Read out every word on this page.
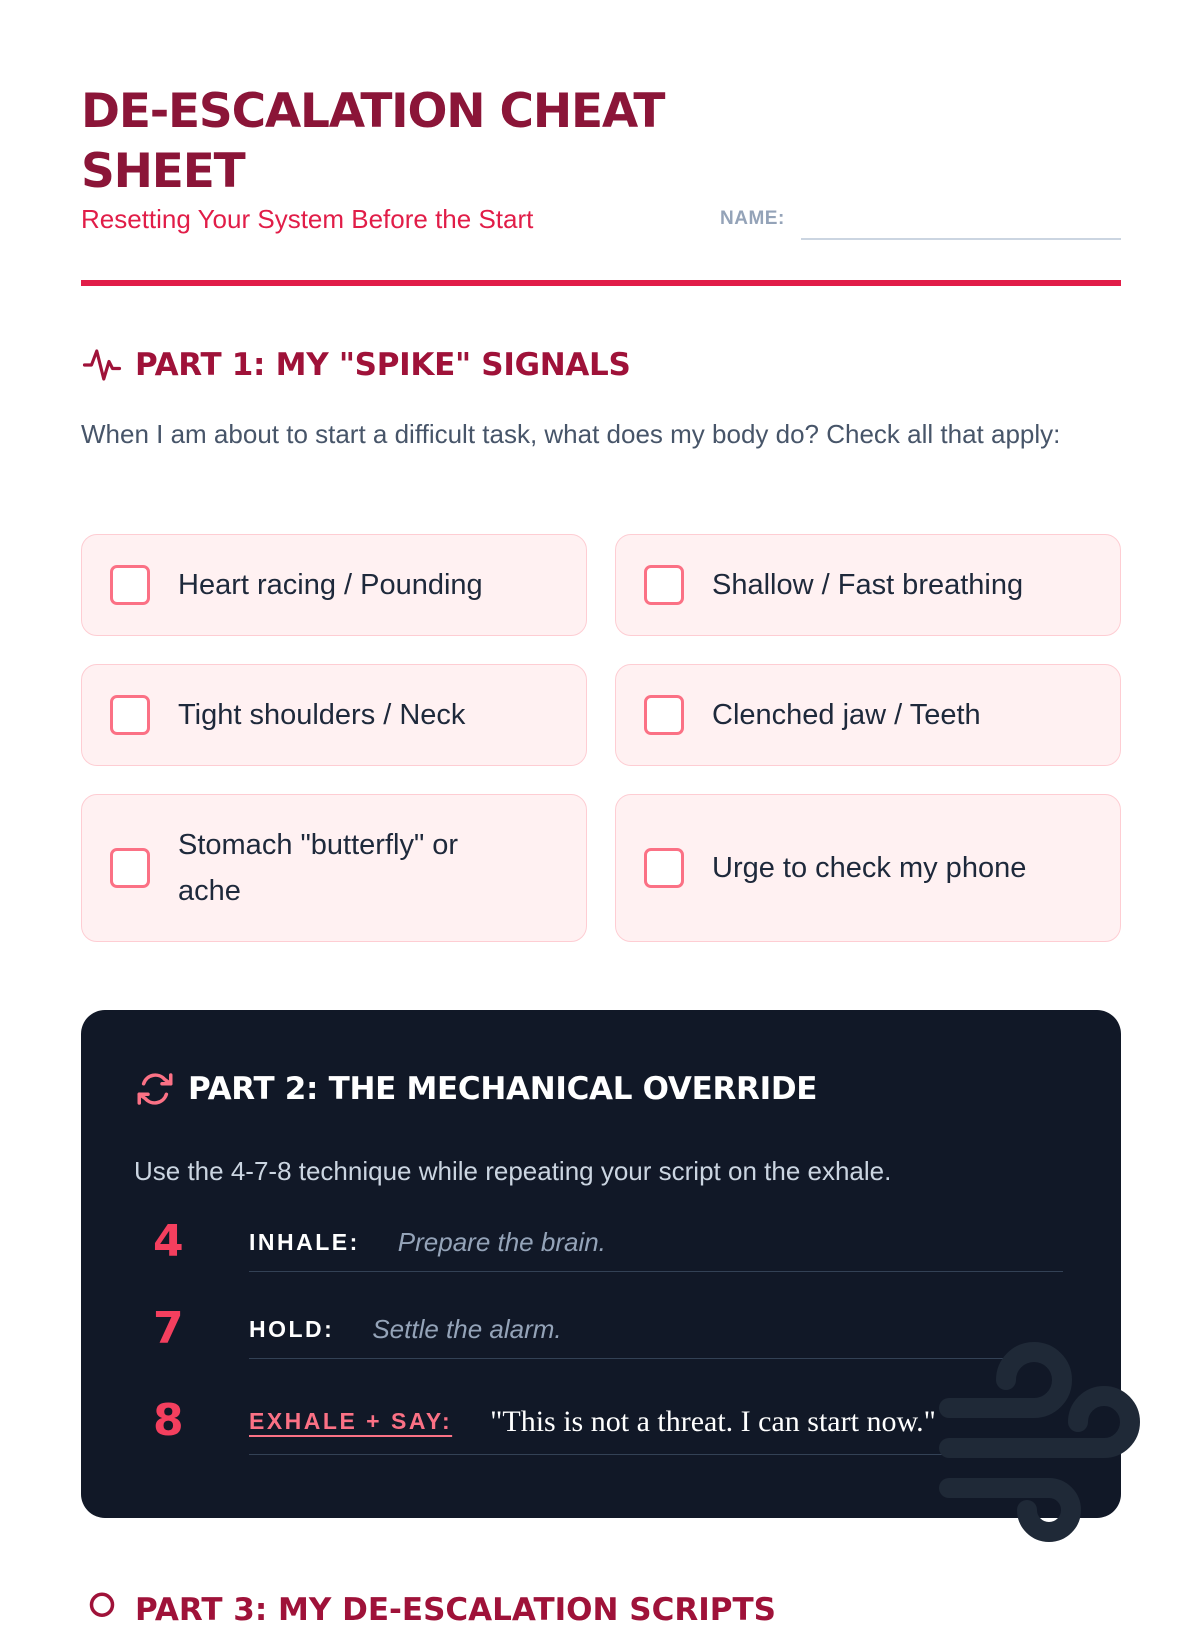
DE-ESCALATION CHEAT SHEET
Resetting Your System Before the Start	NAME:
PART 1: MY "SPIKE" SIGNALS

When I am about to start a difficult task, what does my body do? Check all that apply:

Heart racing / Pounding	Shallow / Fast breathing
Tight shoulders / Neck	Clenched jaw / Teeth
Stomach "butterfly" or ache
Urge to check my phone
PART 2: THE MECHANICAL OVERRIDE

Use the 4-7-8 technique while repeating your script on the exhale.

4	INHALE: Prepare the brain.
7	HOLD: Settle the alarm.
8	EXHALE + SAY: "This is not a threat. I can start now."
PART 3: MY DE-ESCALATION SCRIPTS
